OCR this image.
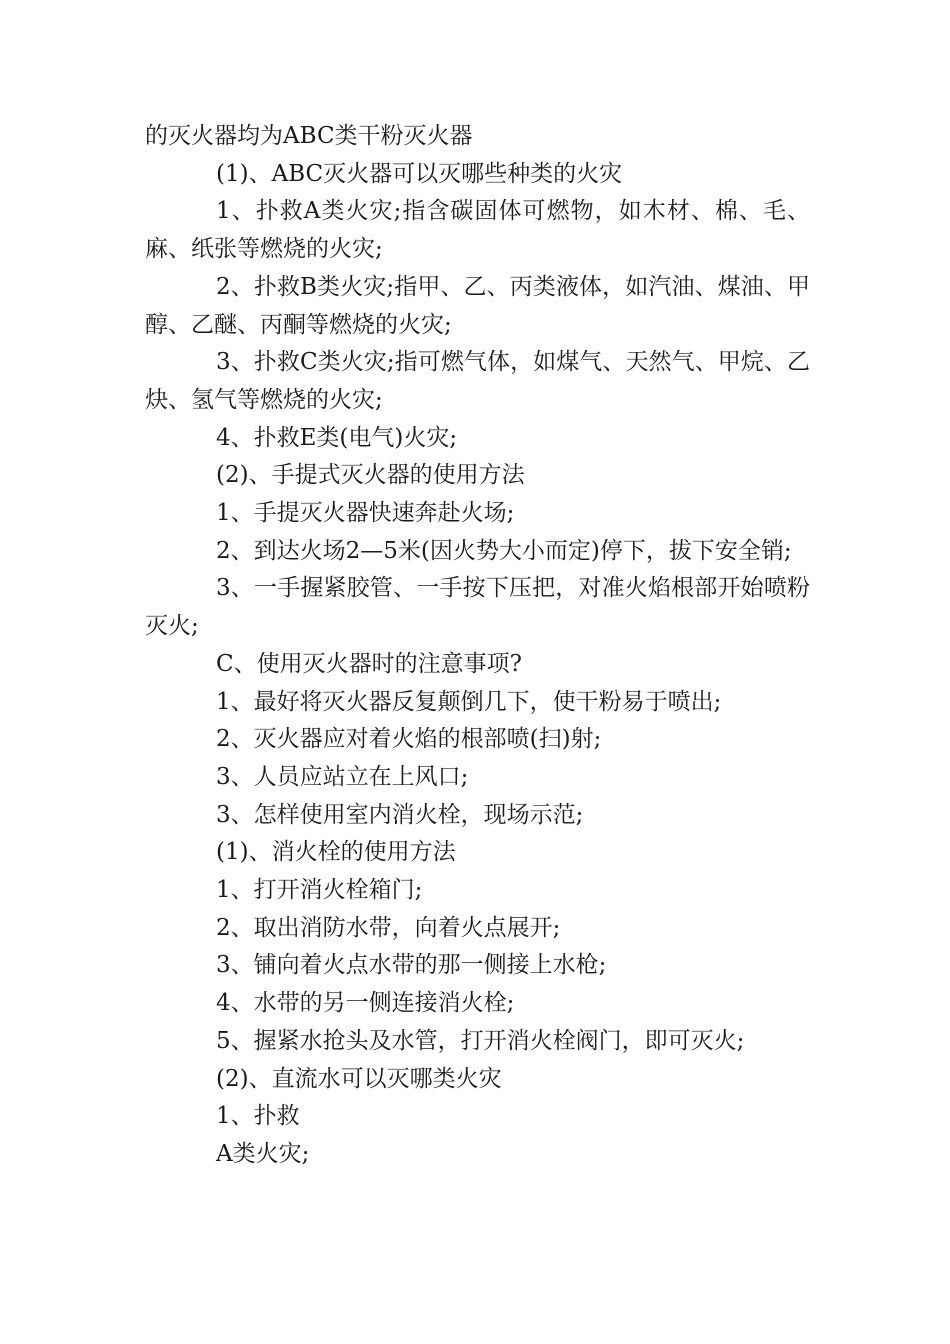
的灭火器均为ABC类干粉灭火器

(1)、ABC灭火器可以灭哪些种类的火灾

1、扑救A类火灾;指含碳固体可燃物，如木材、棉、毛、麻、纸张等燃烧的火灾;

2、扑救B类火灾;指甲、乙、丙类液体，如汽油、煤油、甲醇、乙醚、丙酮等燃烧的火灾;

3、扑救C类火灾;指可燃气体，如煤气、天然气、甲烷、乙炔、氢气等燃烧的火灾;

4、扑救E类(电气)火灾;

(2)、手提式灭火器的使用方法

1、手提灭火器快速奔赴火场;

2、到达火场2—5米(因火势大小而定)停下，拔下安全销;

3、一手握紧胶管、一手按下压把，对准火焰根部开始喷粉灭火;

C、使用灭火器时的注意事项?

1、最好将灭火器反复颠倒几下，使干粉易于喷出;

2、灭火器应对着火焰的根部喷(扫)射;

3、人员应站立在上风口;

3、怎样使用室内消火栓，现场示范;

(1)、消火栓的使用方法

1、打开消火栓箱门;

2、取出消防水带，向着火点展开;

3、铺向着火点水带的那一侧接上水枪;

4、水带的另一侧连接消火栓;

5、握紧水抢头及水管，打开消火栓阀门，即可灭火;

(2)、直流水可以灭哪类火灾

1、扑救

A类火灾;
